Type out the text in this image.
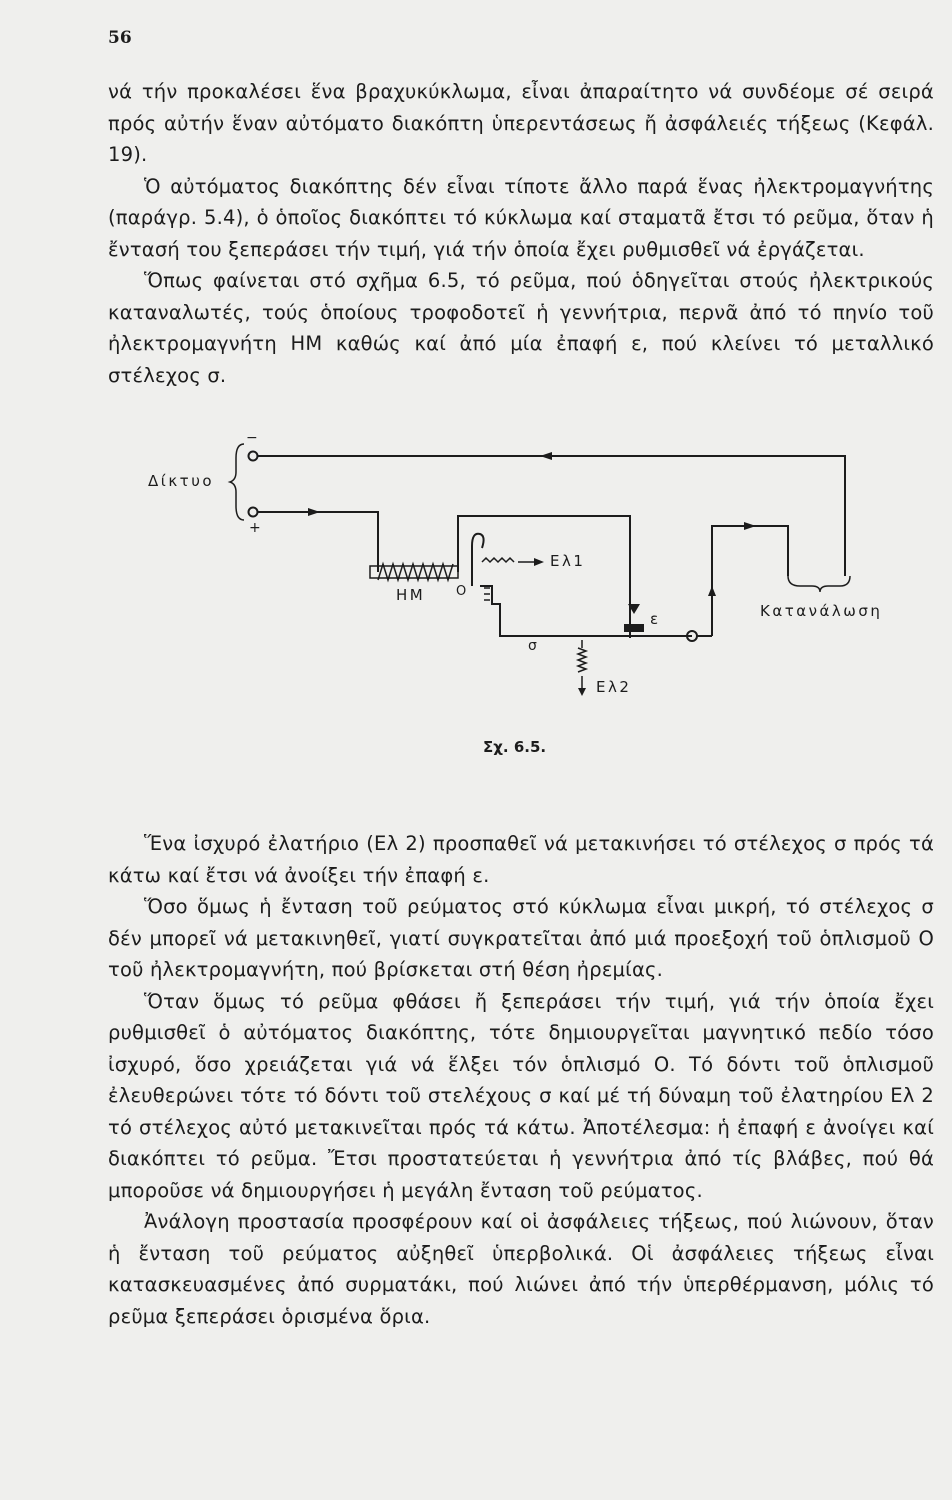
56

νά τήν προκαλέσει ἕνα βραχυκύκλωμα, εἶναι ἀπαραίτητο νά συνδέομε σέ σειρά πρός αὐτήν ἕναν αὐτόματο διακόπτη ὑπερεντάσεως ἤ ἀσφάλειές τήξεως (Κεφάλ. 19).

Ὁ αὐτόματος διακόπτης δέν εἶναι τίποτε ἄλλο παρά ἕνας ἠλεκτρομαγνήτης (παράγρ. 5.4), ὁ ὁποῖος διακόπτει τό κύκλωμα καί σταματᾶ ἔτσι τό ρεῦμα, ὅταν ἡ ἔντασή του ξεπεράσει τήν τιμή, γιά τήν ὁποία ἔχει ρυθμισθεῖ νά ἐργάζεται.

Ὅπως φαίνεται στό σχῆμα 6.5, τό ρεῦμα, πού ὁδηγεῖται στούς ἠλεκτρικούς καταναλωτές, τούς ὁποίους τροφοδοτεῖ ἡ γεννήτρια, περνᾶ ἀπό τό πηνίο τοῦ ἠλεκτρομαγνήτη ΗΜ καθώς καί ἀπό μία ἐπαφή ε, πού κλείνει τό μεταλλικό στέλεχος σ.

Δίκτυο
−
+
ΗΜ Ο
Ελ1
ε
σ
Ελ2
Κατανάλωση
Σχ. 6.5.

Ἕνα ἰσχυρό ἐλατήριο (Ελ 2) προσπαθεῖ νά μετακινήσει τό στέλεχος σ πρός τά κάτω καί ἔτσι νά ἀνοίξει τήν ἐπαφή ε.

Ὅσο ὅμως ἡ ἔνταση τοῦ ρεύματος στό κύκλωμα εἶναι μικρή, τό στέλεχος σ δέν μπορεῖ νά μετακινηθεῖ, γιατί συγκρατεῖται ἀπό μιά προεξοχή τοῦ ὁπλισμοῦ Ο τοῦ ἠλεκτρομαγνήτη, πού βρίσκεται στή θέση ἠρεμίας.

Ὅταν ὅμως τό ρεῦμα φθάσει ἤ ξεπεράσει τήν τιμή, γιά τήν ὁποία ἔχει ρυθμισθεῖ ὁ αὐτόματος διακόπτης, τότε δημιουργεῖται μαγνητικό πεδίο τόσο ἰσχυρό, ὅσο χρειάζεται γιά νά ἕλξει τόν ὁπλισμό Ο. Τό δόντι τοῦ ὁπλισμοῦ ἐλευθερώνει τότε τό δόντι τοῦ στελέχους σ καί μέ τή δύναμη τοῦ ἐλατηρίου Ελ 2 τό στέλεχος αὐτό μετακινεῖται πρός τά κάτω. Ἀποτέλεσμα: ἡ ἐπαφή ε ἀνοίγει καί διακόπτει τό ρεῦμα. Ἔτσι προστατεύεται ἡ γεννήτρια ἀπό τίς βλάβες, πού θά μποροῦσε νά δημιουργήσει ἡ μεγάλη ἔνταση τοῦ ρεύματος.

Ἀνάλογη προστασία προσφέρουν καί οἱ ἀσφάλειες τήξεως, πού λιώνουν, ὅταν ἡ ἔνταση τοῦ ρεύματος αὐξηθεῖ ὑπερβολικά. Οἱ ἀσφάλειες τήξεως εἶναι κατασκευασμένες ἀπό συρματάκι, πού λιώνει ἀπό τήν ὑπερθέρμανση, μόλις τό ρεῦμα ξεπεράσει ὁρισμένα ὅρια.
